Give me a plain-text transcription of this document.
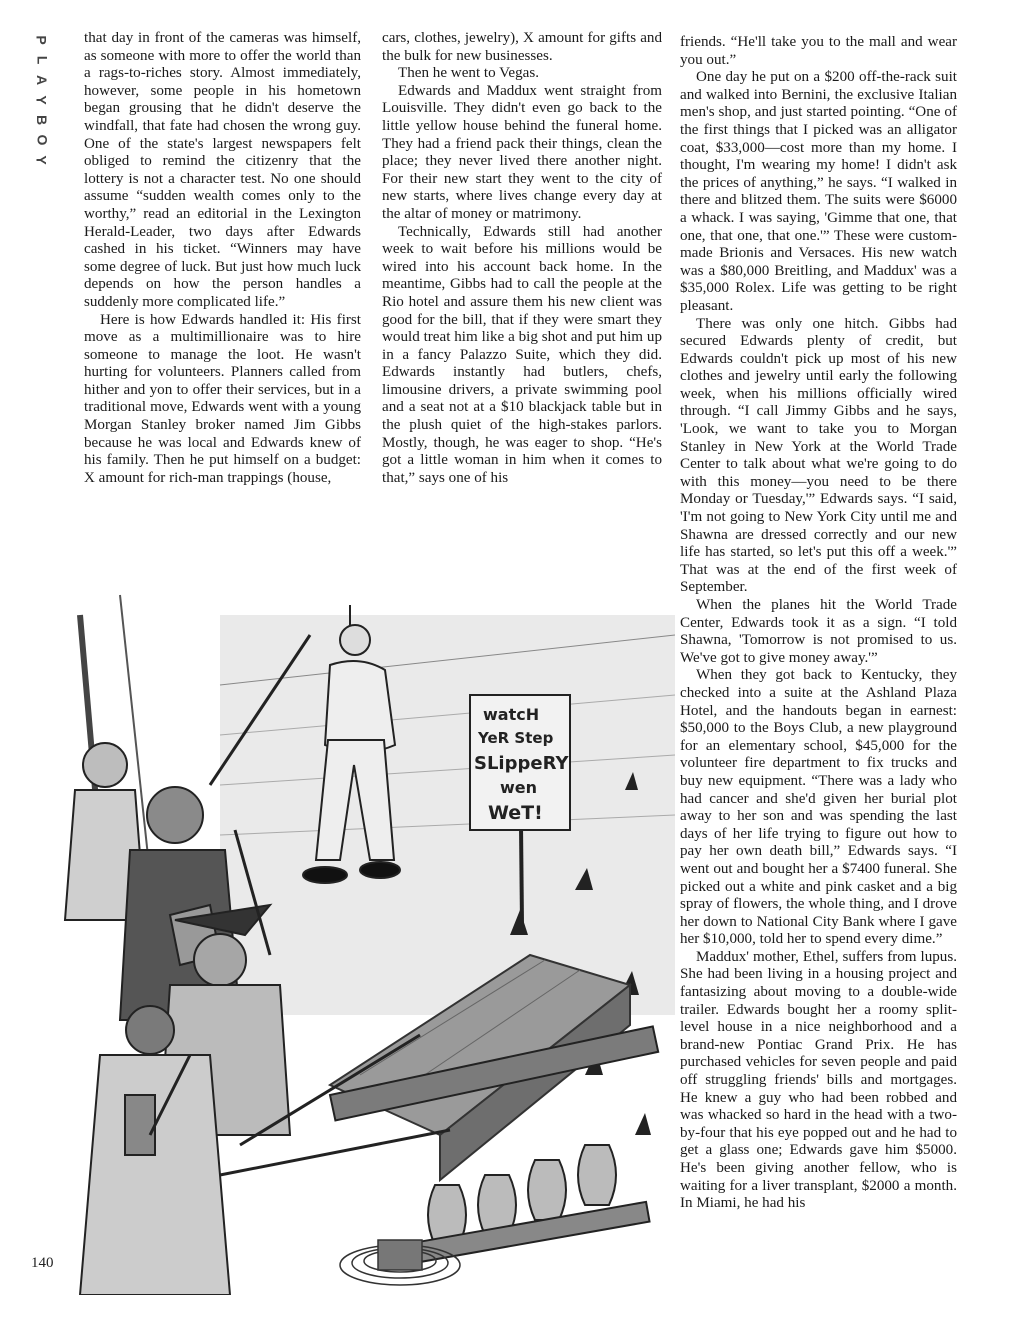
P
L
A
Y
B
O
Y

that day in front of the cameras was himself, as someone with more to offer the world than a rags-to-riches story. Almost immediately, however, some people in his hometown began grousing that he didn't deserve the windfall, that fate had chosen the wrong guy. One of the state's largest newspapers felt obliged to remind the citizenry that the lottery is not a character test. No one should assume “sudden wealth comes only to the worthy,” read an editorial in the Lexington Herald-Leader, two days after Edwards cashed in his ticket. “Winners may have some degree of luck. But just how much luck depends on how the person handles a suddenly more complicated life.”

Here is how Edwards handled it: His first move as a multimillionaire was to hire someone to manage the loot. He wasn't hurting for volunteers. Planners called from hither and yon to offer their services, but in a traditional move, Edwards went with a young Morgan Stanley broker named Jim Gibbs because he was local and Edwards knew of his family. Then he put himself on a budget: X amount for rich-man trappings (house,

cars, clothes, jewelry), X amount for gifts and the bulk for new businesses.

Then he went to Vegas.

Edwards and Maddux went straight from Louisville. They didn't even go back to the little yellow house behind the funeral home. They had a friend pack their things, clean the place; they never lived there another night. For their new start they went to the city of new starts, where lives change every day at the altar of money or matrimony.

Technically, Edwards still had another week to wait before his millions would be wired into his account back home. In the meantime, Gibbs had to call the people at the Rio hotel and assure them his new client was good for the bill, that if they were smart they would treat him like a big shot and put him up in a fancy Palazzo Suite, which they did. Edwards instantly had butlers, chefs, limousine drivers, a private swimming pool and a seat not at a $10 blackjack table but in the plush quiet of the high-stakes parlors. Mostly, though, he was eager to shop. “He's got a little woman in him when it comes to that,” says one of his

friends. “He'll take you to the mall and wear you out.”

One day he put on a $200 off-the-rack suit and walked into Bernini, the exclusive Italian men's shop, and just started pointing. “One of the first things that I picked was an alligator coat, $33,000—cost more than my home. I thought, I'm wearing my home! I didn't ask the prices of anything,” he says. “I walked in there and blitzed them. The suits were $6000 a whack. I was saying, 'Gimme that one, that one, that one, that one.'” These were custom-made Brionis and Versaces. His new watch was a $80,000 Breitling, and Maddux' was a $35,000 Rolex. Life was getting to be right pleasant.

There was only one hitch. Gibbs had secured Edwards plenty of credit, but Edwards couldn't pick up most of his new clothes and jewelry until early the following week, when his millions officially wired through. “I call Jimmy Gibbs and he says, 'Look, we want to take you to Morgan Stanley in New York at the World Trade Center to talk about what we're going to do with this money—you need to be there Monday or Tuesday,'” Edwards says. “I said, 'I'm not going to New York City until me and Shawna are dressed correctly and our new life has started, so let's put this off a week.'” That was at the end of the first week of September.

When the planes hit the World Trade Center, Edwards took it as a sign. “I told Shawna, 'Tomorrow is not promised to us. We've got to give money away.'”

When they got back to Kentucky, they checked into a suite at the Ashland Plaza Hotel, and the handouts began in earnest: $50,000 to the Boys Club, a new playground for an elementary school, $45,000 for the volunteer fire department to fix trucks and buy new equipment. “There was a lady who had cancer and she'd given her burial plot away to her son and was spending the last days of her life trying to figure out how to pay her own death bill,” Edwards says. “I went out and bought her a $7400 funeral. She picked out a white and pink casket and a big spray of flowers, the whole thing, and I drove her down to National City Bank where I gave her $10,000, told her to spend every dime.”

Maddux' mother, Ethel, suffers from lupus. She had been living in a housing project and fantasizing about moving to a double-wide trailer. Edwards bought her a roomy split-level house in a nice neighborhood and a brand-new Pontiac Grand Prix. He has purchased vehicles for seven people and paid off struggling friends' bills and mortgages. He knew a guy who had been robbed and was whacked so hard in the head with a two-by-four that his eye popped out and he had to get a glass one; Edwards gave him $5000. He's been giving another fellow, who is waiting for a liver transplant, $2000 a month. In Miami, he had his

watcH
YeR Step
SLippeRY
wen
WeT!
140
